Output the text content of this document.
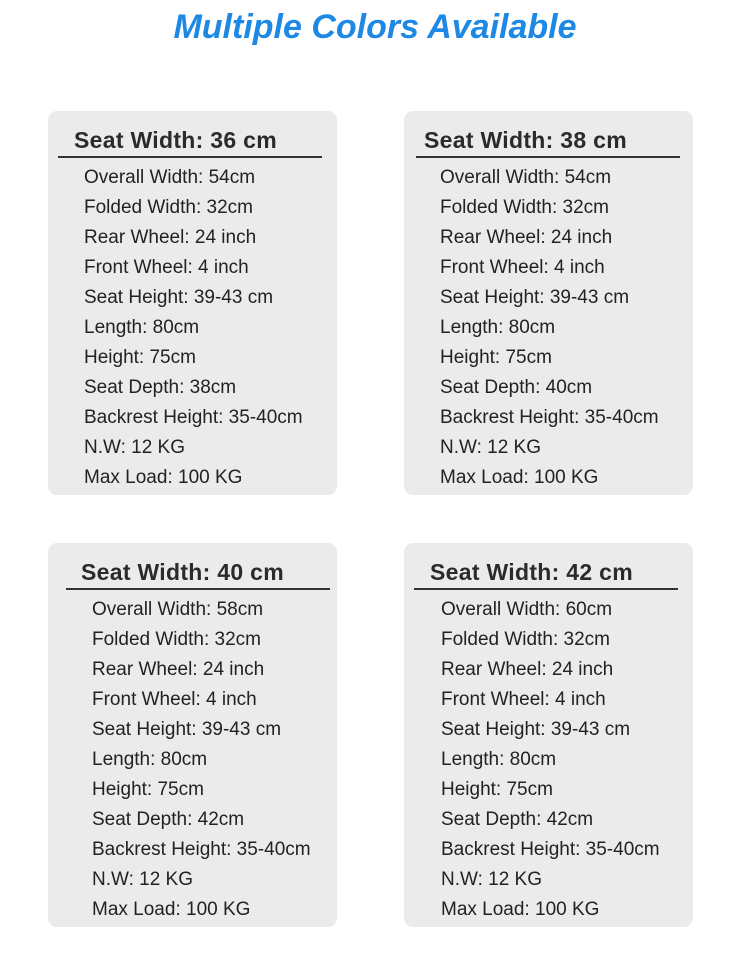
Multiple Colors Available
Seat Width: 36 cm
Overall Width: 54cm
Folded Width: 32cm
Rear Wheel: 24 inch
Front Wheel: 4 inch
Seat Height: 39-43 cm
Length: 80cm
Height: 75cm
Seat Depth: 38cm
Backrest Height: 35-40cm
N.W: 12 KG
Max Load: 100 KG
Seat Width: 38 cm
Overall Width: 54cm
Folded Width: 32cm
Rear Wheel: 24 inch
Front Wheel: 4 inch
Seat Height: 39-43 cm
Length: 80cm
Height: 75cm
Seat Depth: 40cm
Backrest Height: 35-40cm
N.W: 12 KG
Max Load: 100 KG
Seat Width: 40 cm
Overall Width: 58cm
Folded Width: 32cm
Rear Wheel: 24 inch
Front Wheel: 4 inch
Seat Height: 39-43 cm
Length: 80cm
Height: 75cm
Seat Depth: 42cm
Backrest Height: 35-40cm
N.W: 12 KG
Max Load: 100 KG
Seat Width: 42 cm
Overall Width: 60cm
Folded Width: 32cm
Rear Wheel: 24 inch
Front Wheel: 4 inch
Seat Height: 39-43 cm
Length: 80cm
Height: 75cm
Seat Depth: 42cm
Backrest Height: 35-40cm
N.W: 12 KG
Max Load: 100 KG
